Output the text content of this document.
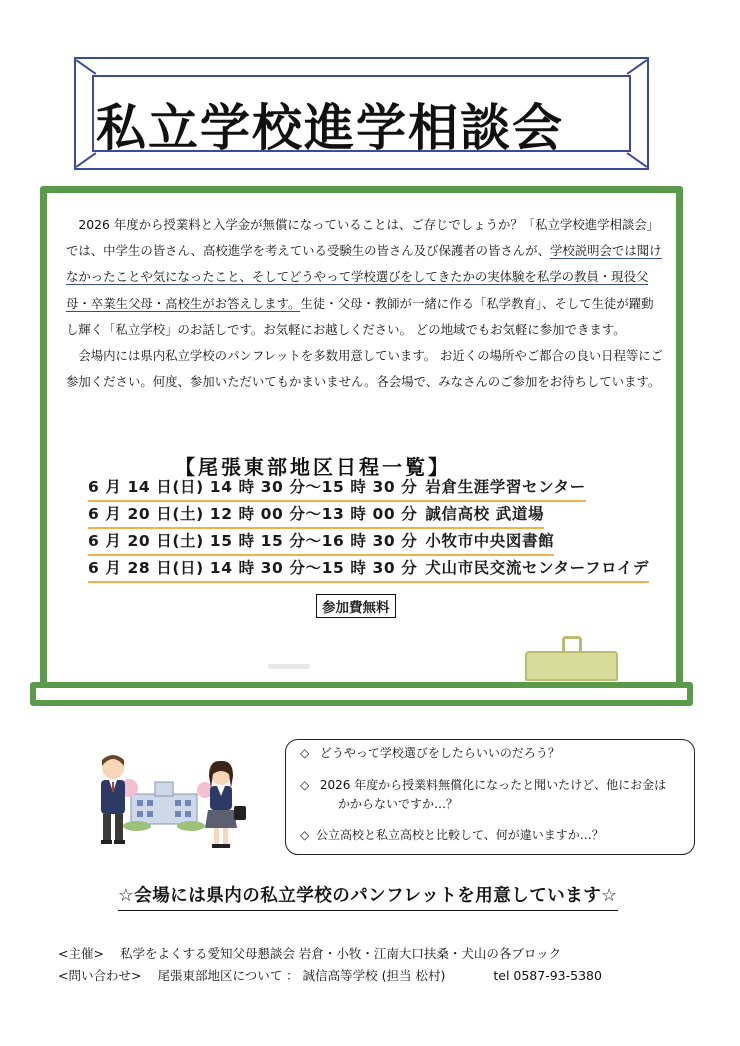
私立学校進学相談会

2026 年度から授業料と入学金が無償になっていることは、ご存じでしょうか？「私立学校進学相談会」では、中学生の皆さん、高校進学を考えている受験生の皆さん及び保護者の皆さんが、学校説明会では聞けなかったことや気になったこと、そしてどうやって学校選びをしてきたかの実体験を私学の教員・現役父母・卒業生父母・高校生がお答えします。生徒・父母・教師が一緒に作る「私学教育」、そして生徒が躍動し輝く「私立学校」のお話しです。お気軽にお越しください。 どの地域でもお気軽に参加できます。

会場内には県内私立学校のパンフレットを多数用意しています。 お近くの場所やご都合の良い日程等にご参加ください。何度、参加いただいてもかまいません。各会場で、みなさんのご参加をお待ちしています。

【尾張東部地区日程一覧】
6 月 14 日(日) 14 時 30 分～15 時 30 分 岩倉生涯学習センター
6 月 20 日(土) 12 時 00 分～13 時 00 分 誠信高校 武道場
6 月 20 日(土) 15 時 15 分～16 時 30 分 小牧市中央図書館
6 月 28 日(日) 14 時 30 分～15 時 30 分 犬山市民交流センターフロイデ
参加費無料
◇ どうやって学校選びをしたらいいのだろう？
◇ 2026 年度から授業料無償化になったと聞いたけど、他にお金は
かからないですか…？
◇ 公立高校と私立高校と比較して、何が違いますか…？
☆会場には県内の私立学校のパンフレットを用意しています☆
<主催> 私学をよくする愛知父母懇談会 岩倉・小牧・江南大口扶桑・犬山の各ブロック
<問い合わせ> 尾張東部地区について ： 誠信高等学校 (担当 松村)	tel 0587-93-5380
